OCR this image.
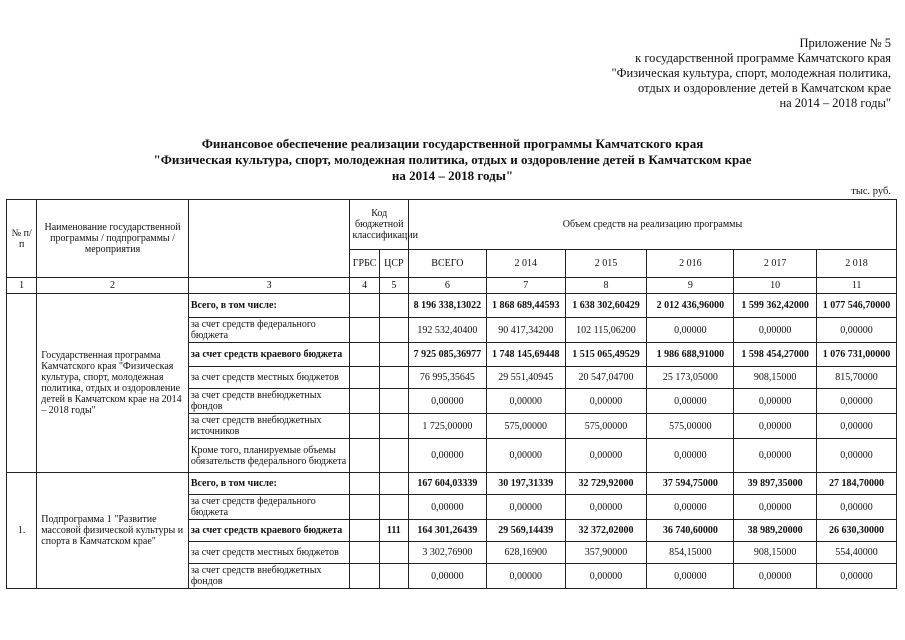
Приложение № 5
к государственной программе Камчатского края
"Физическая культура, спорт, молодежная политика,
отдых и оздоровление детей в Камчатском крае
на 2014 – 2018 годы"
Финансовое обеспечение реализации государственной программы Камчатского края
"Физическая культура, спорт, молодежная политика, отдых и оздоровление детей в Камчатском крае
на 2014 – 2018 годы"
тыс. руб.
№ п/п	Наименование государственной программы / подпрограммы / мероприятия		Код бюджетной классификации		Объем средств на реализацию программы					
			ГРБС	ЦСР	ВСЕГО	2 014	2 015	2 016	2 017	2 018
1	2	3	4	5	6	7	8	9	10	11
	Государственная программа Камчатского края "Физическая культура, спорт, молодежная политика, отдых и оздоровление детей в Камчатском крае на 2014 – 2018 годы"	Всего, в том числе:			8 196 338,13022	1 868 689,44593	1 638 302,60429	2 012 436,96000	1 599 362,42000	1 077 546,70000
		за счет средств федерального бюджета			192 532,40400	90 417,34200	102 115,06200	0,00000	0,00000	0,00000
		за счет средств краевого бюджета			7 925 085,36977	1 748 145,69448	1 515 065,49529	1 986 688,91000	1 598 454,27000	1 076 731,00000
		за счет средств местных бюджетов			76 995,35645	29 551,40945	20 547,04700	25 173,05000	908,15000	815,70000
		за счет средств внебюджетных фондов			0,00000	0,00000	0,00000	0,00000	0,00000	0,00000
		за счет средств внебюджетных источников			1 725,00000	575,00000	575,00000	575,00000	0,00000	0,00000
		Кроме того, планируемые объемы обязательств федерального бюджета			0,00000	0,00000	0,00000	0,00000	0,00000	0,00000
1.	Подпрограмма 1 "Развитие массовой физической культуры и спорта в Камчатском крае"	Всего, в том числе:			167 604,03339	30 197,31339	32 729,92000	37 594,75000	39 897,35000	27 184,70000
		за счет средств федерального бюджета			0,00000	0,00000	0,00000	0,00000	0,00000	0,00000
		за счет средств краевого бюджета		111	164 301,26439	29 569,14439	32 372,02000	36 740,60000	38 989,20000	26 630,30000
		за счет средств местных бюджетов			3 302,76900	628,16900	357,90000	854,15000	908,15000	554,40000
		за счет средств внебюджетных фондов			0,00000	0,00000	0,00000	0,00000	0,00000	0,00000
